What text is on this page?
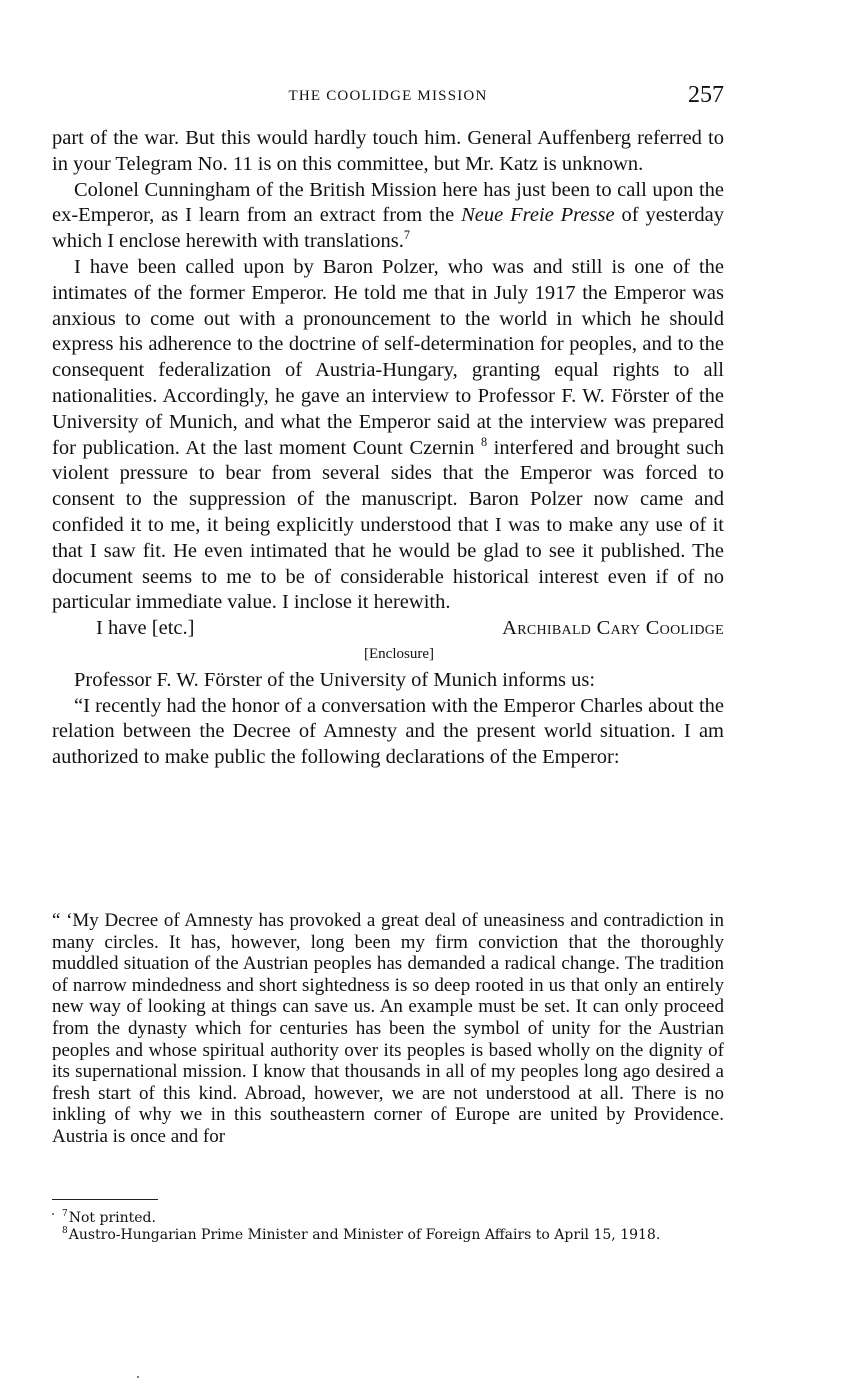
THE COOLIDGE MISSION	257

part of the war. But this would hardly touch him. General Auffenberg referred to in your Telegram No. 11 is on this committee, but Mr. Katz is unknown.

Colonel Cunningham of the British Mission here has just been to call upon the ex-Emperor, as I learn from an extract from the Neue Freie Presse of yesterday which I enclose herewith with translations.$^7$

I have been called upon by Baron Polzer, who was and still is one of the intimates of the former Emperor. He told me that in July 1917 the Emperor was anxious to come out with a pronouncement to the world in which he should express his adherence to the doctrine of self-determination for peoples, and to the consequent federalization of Austria-Hungary, granting equal rights to all nationalities. Accordingly, he gave an interview to Professor F. W. Förster of the University of Munich, and what the Emperor said at the interview was prepared for publication. At the last moment Count Czernin $^8$ interfered and brought such violent pressure to bear from several sides that the Emperor was forced to consent to the suppression of the manuscript. Baron Polzer now came and confided it to me, it being explicitly understood that I was to make any use of it that I saw fit. He even intimated that he would be glad to see it published. The document seems to me to be of considerable historical interest even if of no particular immediate value. I inclose it herewith.

I have [etc.]	Archibald Cary Coolidge

[Enclosure]

Professor F. W. Förster of the University of Munich informs us:

“I recently had the honor of a conversation with the Emperor Charles about the relation between the Decree of Amnesty and the present world situation. I am authorized to make public the following declarations of the Emperor:

“ ‘My Decree of Amnesty has provoked a great deal of uneasiness and contradiction in many circles. It has, however, long been my firm conviction that the thoroughly muddled situation of the Austrian peoples has demanded a radical change. The tradition of narrow mindedness and short sightedness is so deep rooted in us that only an entirely new way of looking at things can save us. An example must be set. It can only proceed from the dynasty which for centuries has been the symbol of unity for the Austrian peoples and whose spiritual authority over its peoples is based wholly on the dignity of its supernational mission. I know that thousands in all of my peoples long ago desired a fresh start of this kind. Abroad, however, we are not understood at all. There is no inkling of why we in this southeastern corner of Europe are united by Providence. Austria is once and for

$^7$Not printed.

$^8$Austro-Hungarian Prime Minister and Minister of Foreign Affairs to April 15, 1918.
